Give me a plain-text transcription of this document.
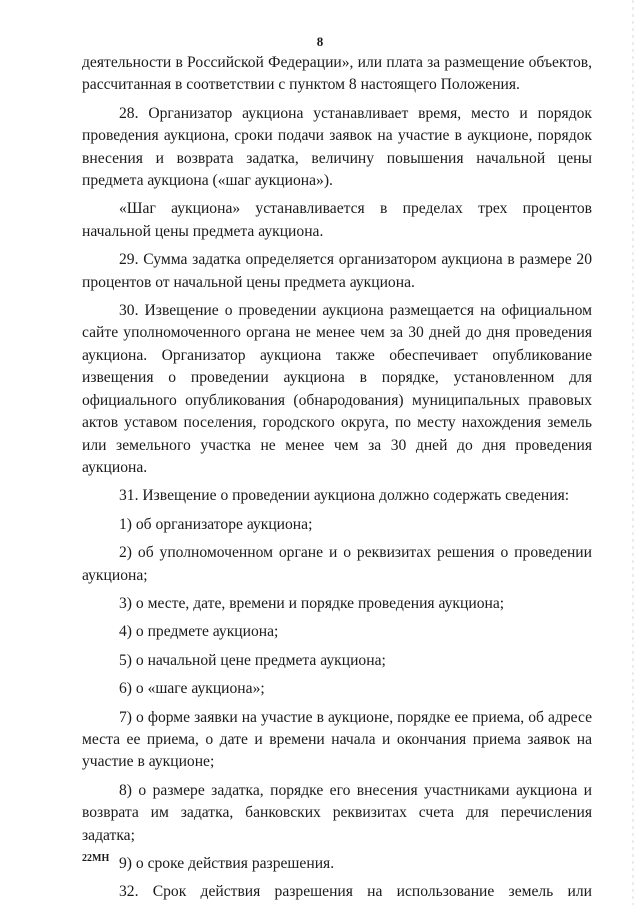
8

деятельности в Российской Федерации», или плата за размещение объектов, рассчитанная в соответствии с пунктом 8 настоящего Положения.

28. Организатор аукциона устанавливает время, место и порядок проведения аукциона, сроки подачи заявок на участие в аукционе, порядок внесения и возврата задатка, величину повышения начальной цены предмета аукциона («шаг аукциона»).

«Шаг аукциона» устанавливается в пределах трех процентов начальной цены предмета аукциона.

29. Сумма задатка определяется организатором аукциона в размере 20 процентов от начальной цены предмета аукциона.

30. Извещение о проведении аукциона размещается на официальном сайте уполномоченного органа не менее чем за 30 дней до дня проведения аукциона. Организатор аукциона также обеспечивает опубликование извещения о проведении аукциона в порядке, установленном для официального опубликования (обнародования) муниципальных правовых актов уставом поселения, городского округа, по месту нахождения земель или земельного участка не менее чем за 30 дней до дня проведения аукциона.

31. Извещение о проведении аукциона должно содержать сведения:

1) об организаторе аукциона;

2) об уполномоченном органе и о реквизитах решения о проведении аукциона;

3) о месте, дате, времени и порядке проведения аукциона;

4) о предмете аукциона;

5) о начальной цене предмета аукциона;

6) о «шаге аукциона»;

7) о форме заявки на участие в аукционе, порядке ее приема, об адресе места ее приема, о дате и времени начала и окончания приема заявок на участие в аукционе;

8) о размере задатка, порядке его внесения участниками аукциона и возврата им задатка, банковских реквизитах счета для перечисления задатка;

9) о сроке действия разрешения.

32. Срок действия разрешения на использование земель или

22МН
